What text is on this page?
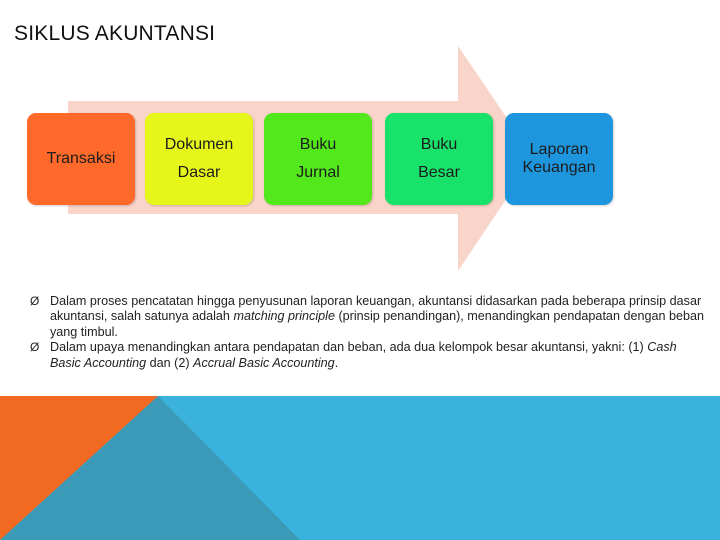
SIKLUS AKUNTANSI
Transaksi
Dokumen
Dasar
Buku
Jurnal
Buku
Besar
Laporan
Keuangan
Ø Dalam proses pencatatan hingga penyusunan laporan keuangan, akuntansi didasarkan pada beberapa prinsip dasar akuntansi, salah satunya adalah matching principle (prinsip penandingan), menandingkan pendapatan dengan beban yang timbul.
Ø Dalam upaya menandingkan antara pendapatan dan beban, ada dua kelompok besar akuntansi, yakni: (1) Cash Basic Accounting dan (2) Accrual Basic Accounting.
